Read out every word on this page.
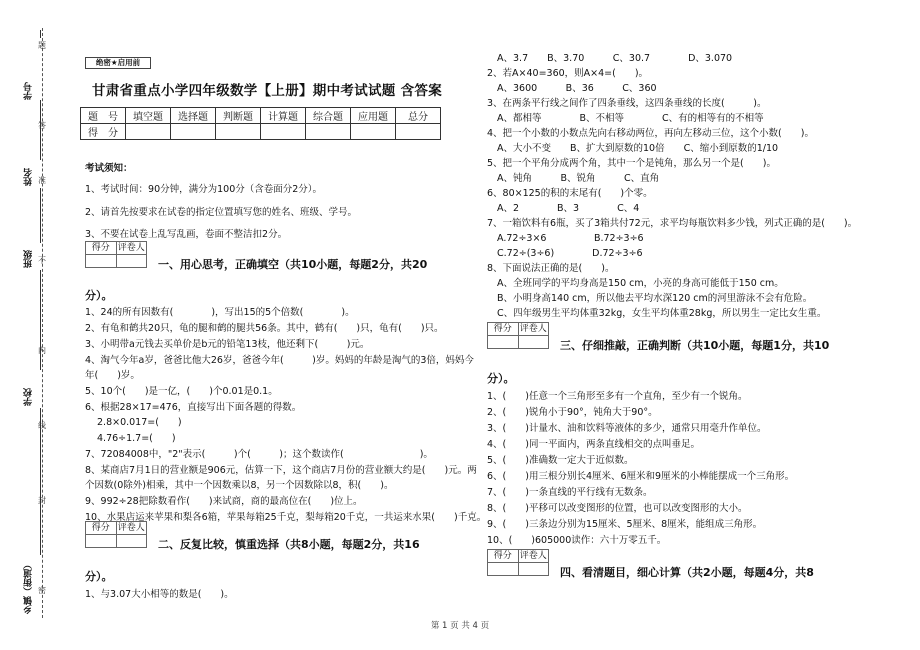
学号
姓名
班级
学校
乡镇（街道）
题
答
准
不
内
线
封
密
绝密★启用前
甘肃省重点小学四年级数学【上册】期中考试试题 含答案
题　号	填空题	选择题	判断题	计算题	综合题	应用题	总分
得　分							
考试须知：
1、考试时间：90分钟，满分为100分（含卷面分2分）。
2、请首先按要求在试卷的指定位置填写您的姓名、班级、学号。
3、不要在试卷上乱写乱画，卷面不整洁扣2分。
得分 评卷人
一、用心思考，正确填空（共10小题，每题2分，共20
分）。
1、24的所有因数有(　　　　)，写出15的5个倍数(　　　　)。
2、有龟和鹤共20只，龟的腿和鹤的腿共56条。其中，鹤有(　　)只，龟有(　　)只。
3、小明带a元钱去买单价是b元的铅笔13枝，他还剩下(　　　)元。
4、淘气今年a岁，爸爸比他大26岁，爸爸今年(　　　)岁。妈妈的年龄是淘气的3倍，妈妈今
年(　　)岁。
5、10个(　　)是一亿，(　　)个0.01是0.1。
6、根据28×17=476，直接写出下面各题的得数。
2.8×0.017=(　　)
4.76÷1.7=(　　)
7、72084008中，"2"表示(　　　)个(　　　)；这个数读作(　　　　　　　　)。
8、某商店7月1日的营业额是906元，估算一下，这个商店7月份的营业额大约是(　　)元。两
个因数(0除外)相乘，其中一个因数乘以8，另一个因数除以8，积(　　)。
9、992÷28把除数看作(　　)来试商，商的最高位在(　　)位上。
10、水果店运来苹果和梨各6箱，苹果每箱25千克，梨每箱20千克，一共运来水果(　　)千克。
得分 评卷人
二、反复比较，慎重选择（共8小题，每题2分，共16
分）。
1、与3.07大小相等的数是(　　)。
A、3.7　　B、3.70　　　C、30.7　　　　D、3.070
2、若A×40=360，则A×4=(　　)。
A、3600　　　B、36　　　C、360
3、在两条平行线之间作了四条垂线，这四条垂线的长度(　　　)。
A、都相等　　　　B、不相等　　　　C、有的相等有的不相等
4、把一个小数的小数点先向右移动两位，再向左移动三位，这个小数(　　)。
A、大小不变　　B、扩大到原数的10倍　　C、缩小到原数的1/10
5、把一个平角分成两个角，其中一个是钝角，那么另一个是(　　)。
A、钝角　　　B、锐角　　　C、直角
6、80×125的积的末尾有(　　)个零。
A、2　　　　B、3　　　　C、4
7、一箱饮料有6瓶，买了3箱共付72元，求平均每瓶饮料多少钱，列式正确的是(　　)。
A.72÷3×6　　　　　B.72÷3÷6
C.72÷(3÷6)　　　　D.72÷3÷6
8、下面说法正确的是(　　)。
A、全班同学的平均身高是150 cm，小亮的身高可能低于150 cm。
B、小明身高140 cm，所以他去平均水深120 cm的河里游泳不会有危险。
C、四年级男生平均体重32kg，女生平均体重28kg，所以男生一定比女生重。
得分 评卷人
三、仔细推敲，正确判断（共10小题，每题1分，共10
分）。
1、(　　)任意一个三角形至多有一个直角，至少有一个锐角。
2、(　　)锐角小于90°，钝角大于90°。
3、(　　)计量水、油和饮料等液体的多少，通常只用毫升作单位。
4、(　　)同一平面内，两条直线相交的点叫垂足。
5、(　　)准确数一定大于近似数。
6、(　　)用三根分别长4厘米、6厘米和9厘米的小棒能摆成一个三角形。
7、(　　)一条直线的平行线有无数条。
8、(　　)平移可以改变图形的位置，也可以改变图形的大小。
9、(　　)三条边分别为15厘米、5厘米、8厘米，能组成三角形。
10、(　　)605000读作：六十万零五千。
得分 评卷人
四、看清题目，细心计算（共2小题，每题4分，共8
第 1 页 共 4 页
